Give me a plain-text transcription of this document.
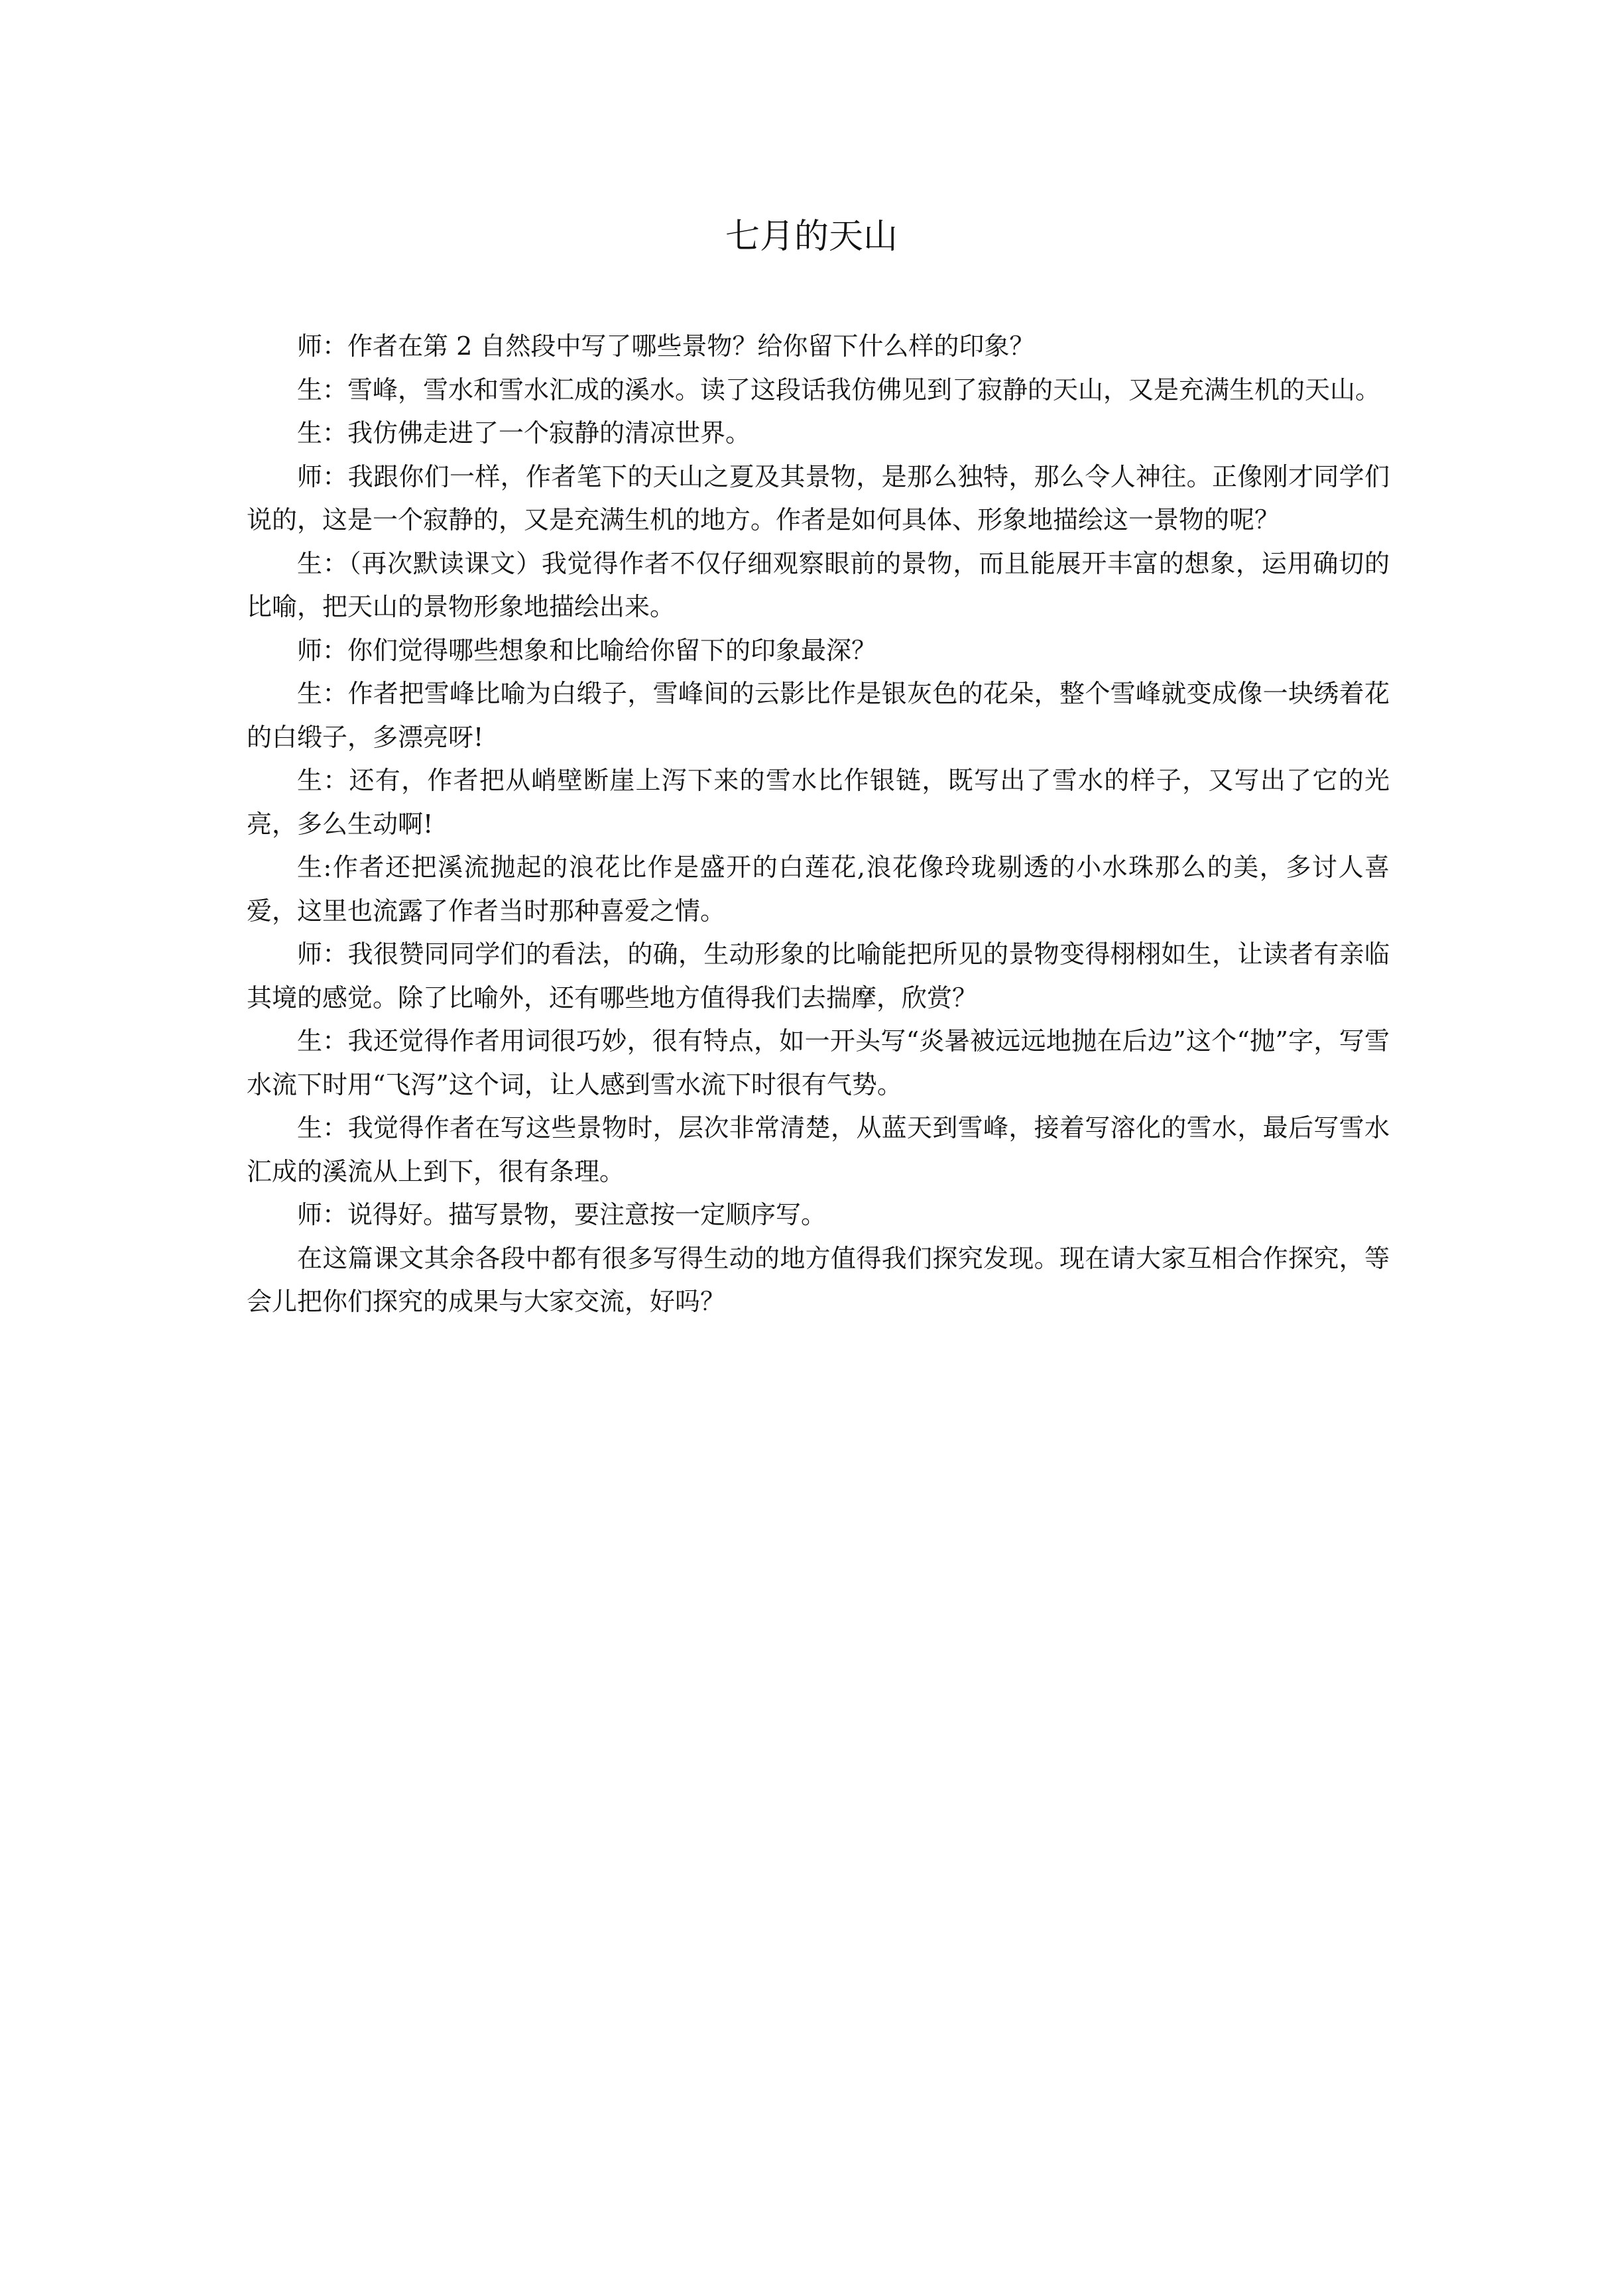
七月的天山

师：作者在第 2 自然段中写了哪些景物？给你留下什么样的印象？

生：雪峰，雪水和雪水汇成的溪水。读了这段话我仿佛见到了寂静的天山，又是充满生机的天山。

生：我仿佛走进了一个寂静的清凉世界。

师：我跟你们一样，作者笔下的天山之夏及其景物，是那么独特，那么令人神往。正像刚才同学们说的，这是一个寂静的，又是充满生机的地方。作者是如何具体、形象地描绘这一景物的呢？

生：（再次默读课文）我觉得作者不仅仔细观察眼前的景物，而且能展开丰富的想象，运用确切的比喻，把天山的景物形象地描绘出来。

师：你们觉得哪些想象和比喻给你留下的印象最深？

生：作者把雪峰比喻为白缎子，雪峰间的云影比作是银灰色的花朵，整个雪峰就变成像一块绣着花的白缎子，多漂亮呀!

生：还有，作者把从峭壁断崖上泻下来的雪水比作银链，既写出了雪水的样子，又写出了它的光亮，多么生动啊!

生:作者还把溪流抛起的浪花比作是盛开的白莲花,浪花像玲珑剔透的小水珠那么的美，多讨人喜爱，这里也流露了作者当时那种喜爱之情。

师：我很赞同同学们的看法，的确，生动形象的比喻能把所见的景物变得栩栩如生，让读者有亲临其境的感觉。除了比喻外，还有哪些地方值得我们去揣摩，欣赏？

生：我还觉得作者用词很巧妙，很有特点，如一开头写“炎暑被远远地抛在后边”这个“抛”字，写雪水流下时用“飞泻”这个词，让人感到雪水流下时很有气势。

生：我觉得作者在写这些景物时，层次非常清楚，从蓝天到雪峰，接着写溶化的雪水，最后写雪水汇成的溪流从上到下，很有条理。

师：说得好。描写景物，要注意按一定顺序写。

在这篇课文其余各段中都有很多写得生动的地方值得我们探究发现。现在请大家互相合作探究，等会儿把你们探究的成果与大家交流，好吗？
